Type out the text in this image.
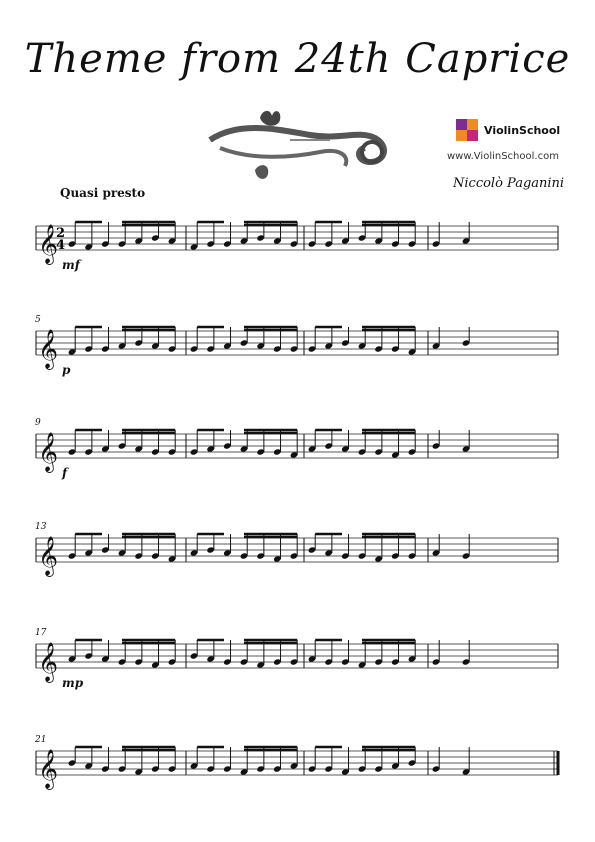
Theme from 24th Caprice
ViolinSchool
www.ViolinSchool.com
Niccolò Paganini
Quasi presto
𝄞
2
4
mf
𝄞
5
p
𝄞
9
f
𝄞
13
𝄞
17
mp
𝄞
21
